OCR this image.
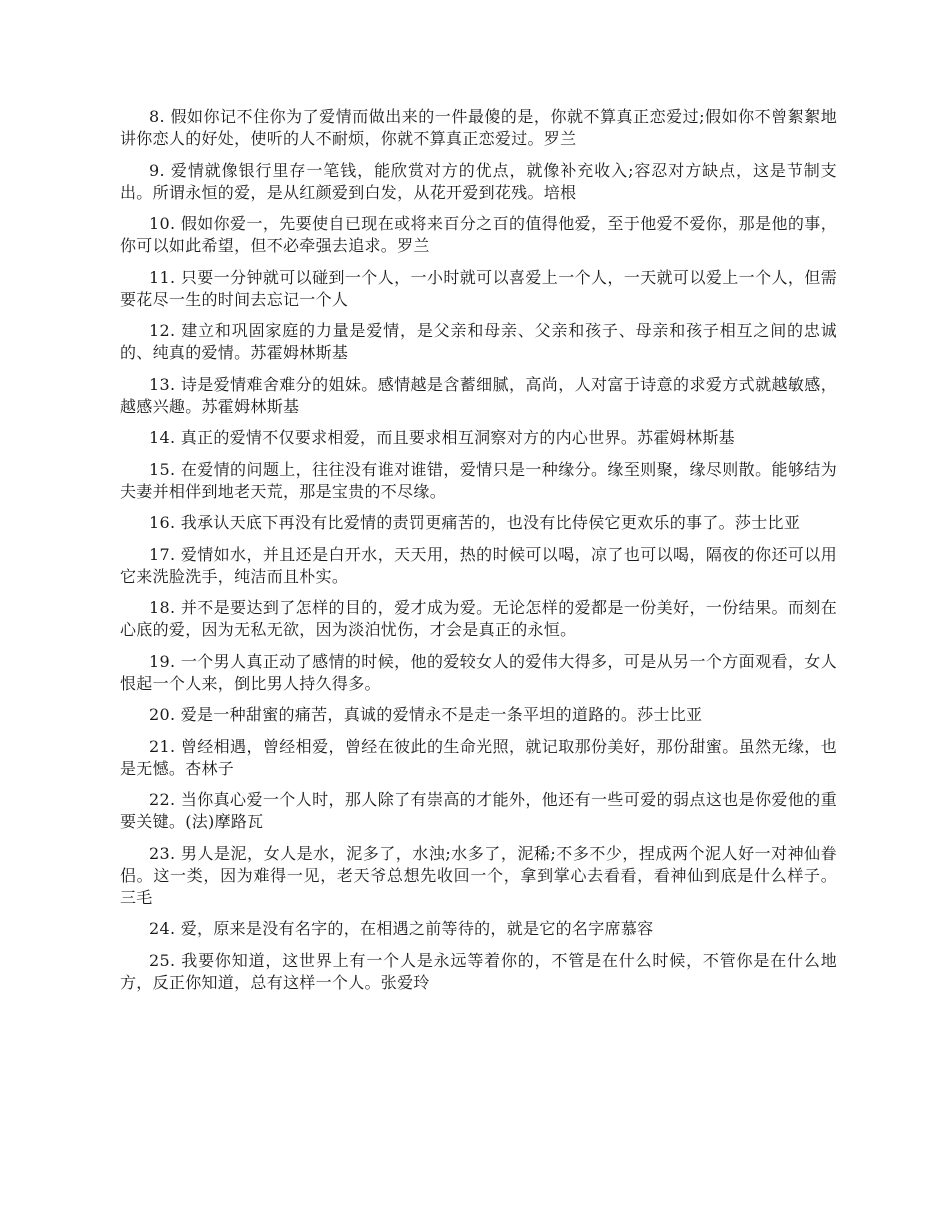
8. 假如你记不住你为了爱情而做出来的一件最傻的是，你就不算真正恋爱过;假如你不曾絮絮地讲你恋人的好处，使听的人不耐烦，你就不算真正恋爱过。罗兰

9. 爱情就像银行里存一笔钱，能欣赏对方的优点，就像补充收入;容忍对方缺点，这是节制支出。所谓永恒的爱，是从红颜爱到白发，从花开爱到花残。培根

10. 假如你爱一，先要使自已现在或将来百分之百的值得他爱，至于他爱不爱你，那是他的事，你可以如此希望，但不必牵强去追求。罗兰

11. 只要一分钟就可以碰到一个人，一小时就可以喜爱上一个人，一天就可以爱上一个人，但需要花尽一生的时间去忘记一个人

12. 建立和巩固家庭的力量是爱情，是父亲和母亲、父亲和孩子、母亲和孩子相互之间的忠诚的、纯真的爱情。苏霍姆林斯基

13. 诗是爱情难舍难分的姐妹。感情越是含蓄细腻，高尚，人对富于诗意的求爱方式就越敏感，越感兴趣。苏霍姆林斯基

14. 真正的爱情不仅要求相爱，而且要求相互洞察对方的内心世界。苏霍姆林斯基

15. 在爱情的问题上，往往没有谁对谁错，爱情只是一种缘分。缘至则聚，缘尽则散。能够结为夫妻并相伴到地老天荒，那是宝贵的不尽缘。

16. 我承认天底下再没有比爱情的责罚更痛苦的，也没有比侍侯它更欢乐的事了。莎士比亚

17. 爱情如水，并且还是白开水，天天用，热的时候可以喝，凉了也可以喝，隔夜的你还可以用它来洗脸洗手，纯洁而且朴实。

18. 并不是要达到了怎样的目的，爱才成为爱。无论怎样的爱都是一份美好，一份结果。而刻在心底的爱，因为无私无欲，因为淡泊忧伤，才会是真正的永恒。

19. 一个男人真正动了感情的时候，他的爱较女人的爱伟大得多，可是从另一个方面观看，女人恨起一个人来，倒比男人持久得多。

20. 爱是一种甜蜜的痛苦，真诚的爱情永不是走一条平坦的道路的。莎士比亚

21. 曾经相遇，曾经相爱，曾经在彼此的生命光照，就记取那份美好，那份甜蜜。虽然无缘，也是无憾。杏林子

22. 当你真心爱一个人时，那人除了有崇高的才能外，他还有一些可爱的弱点这也是你爱他的重要关键。(法)摩路瓦

23. 男人是泥，女人是水，泥多了，水浊;水多了，泥稀;不多不少，捏成两个泥人好一对神仙眷侣。这一类，因为难得一见，老天爷总想先收回一个，拿到掌心去看看，看神仙到底是什么样子。三毛

24. 爱，原来是没有名字的，在相遇之前等待的，就是它的名字席慕容

25. 我要你知道，这世界上有一个人是永远等着你的，不管是在什么时候，不管你是在什么地方，反正你知道，总有这样一个人。张爱玲
